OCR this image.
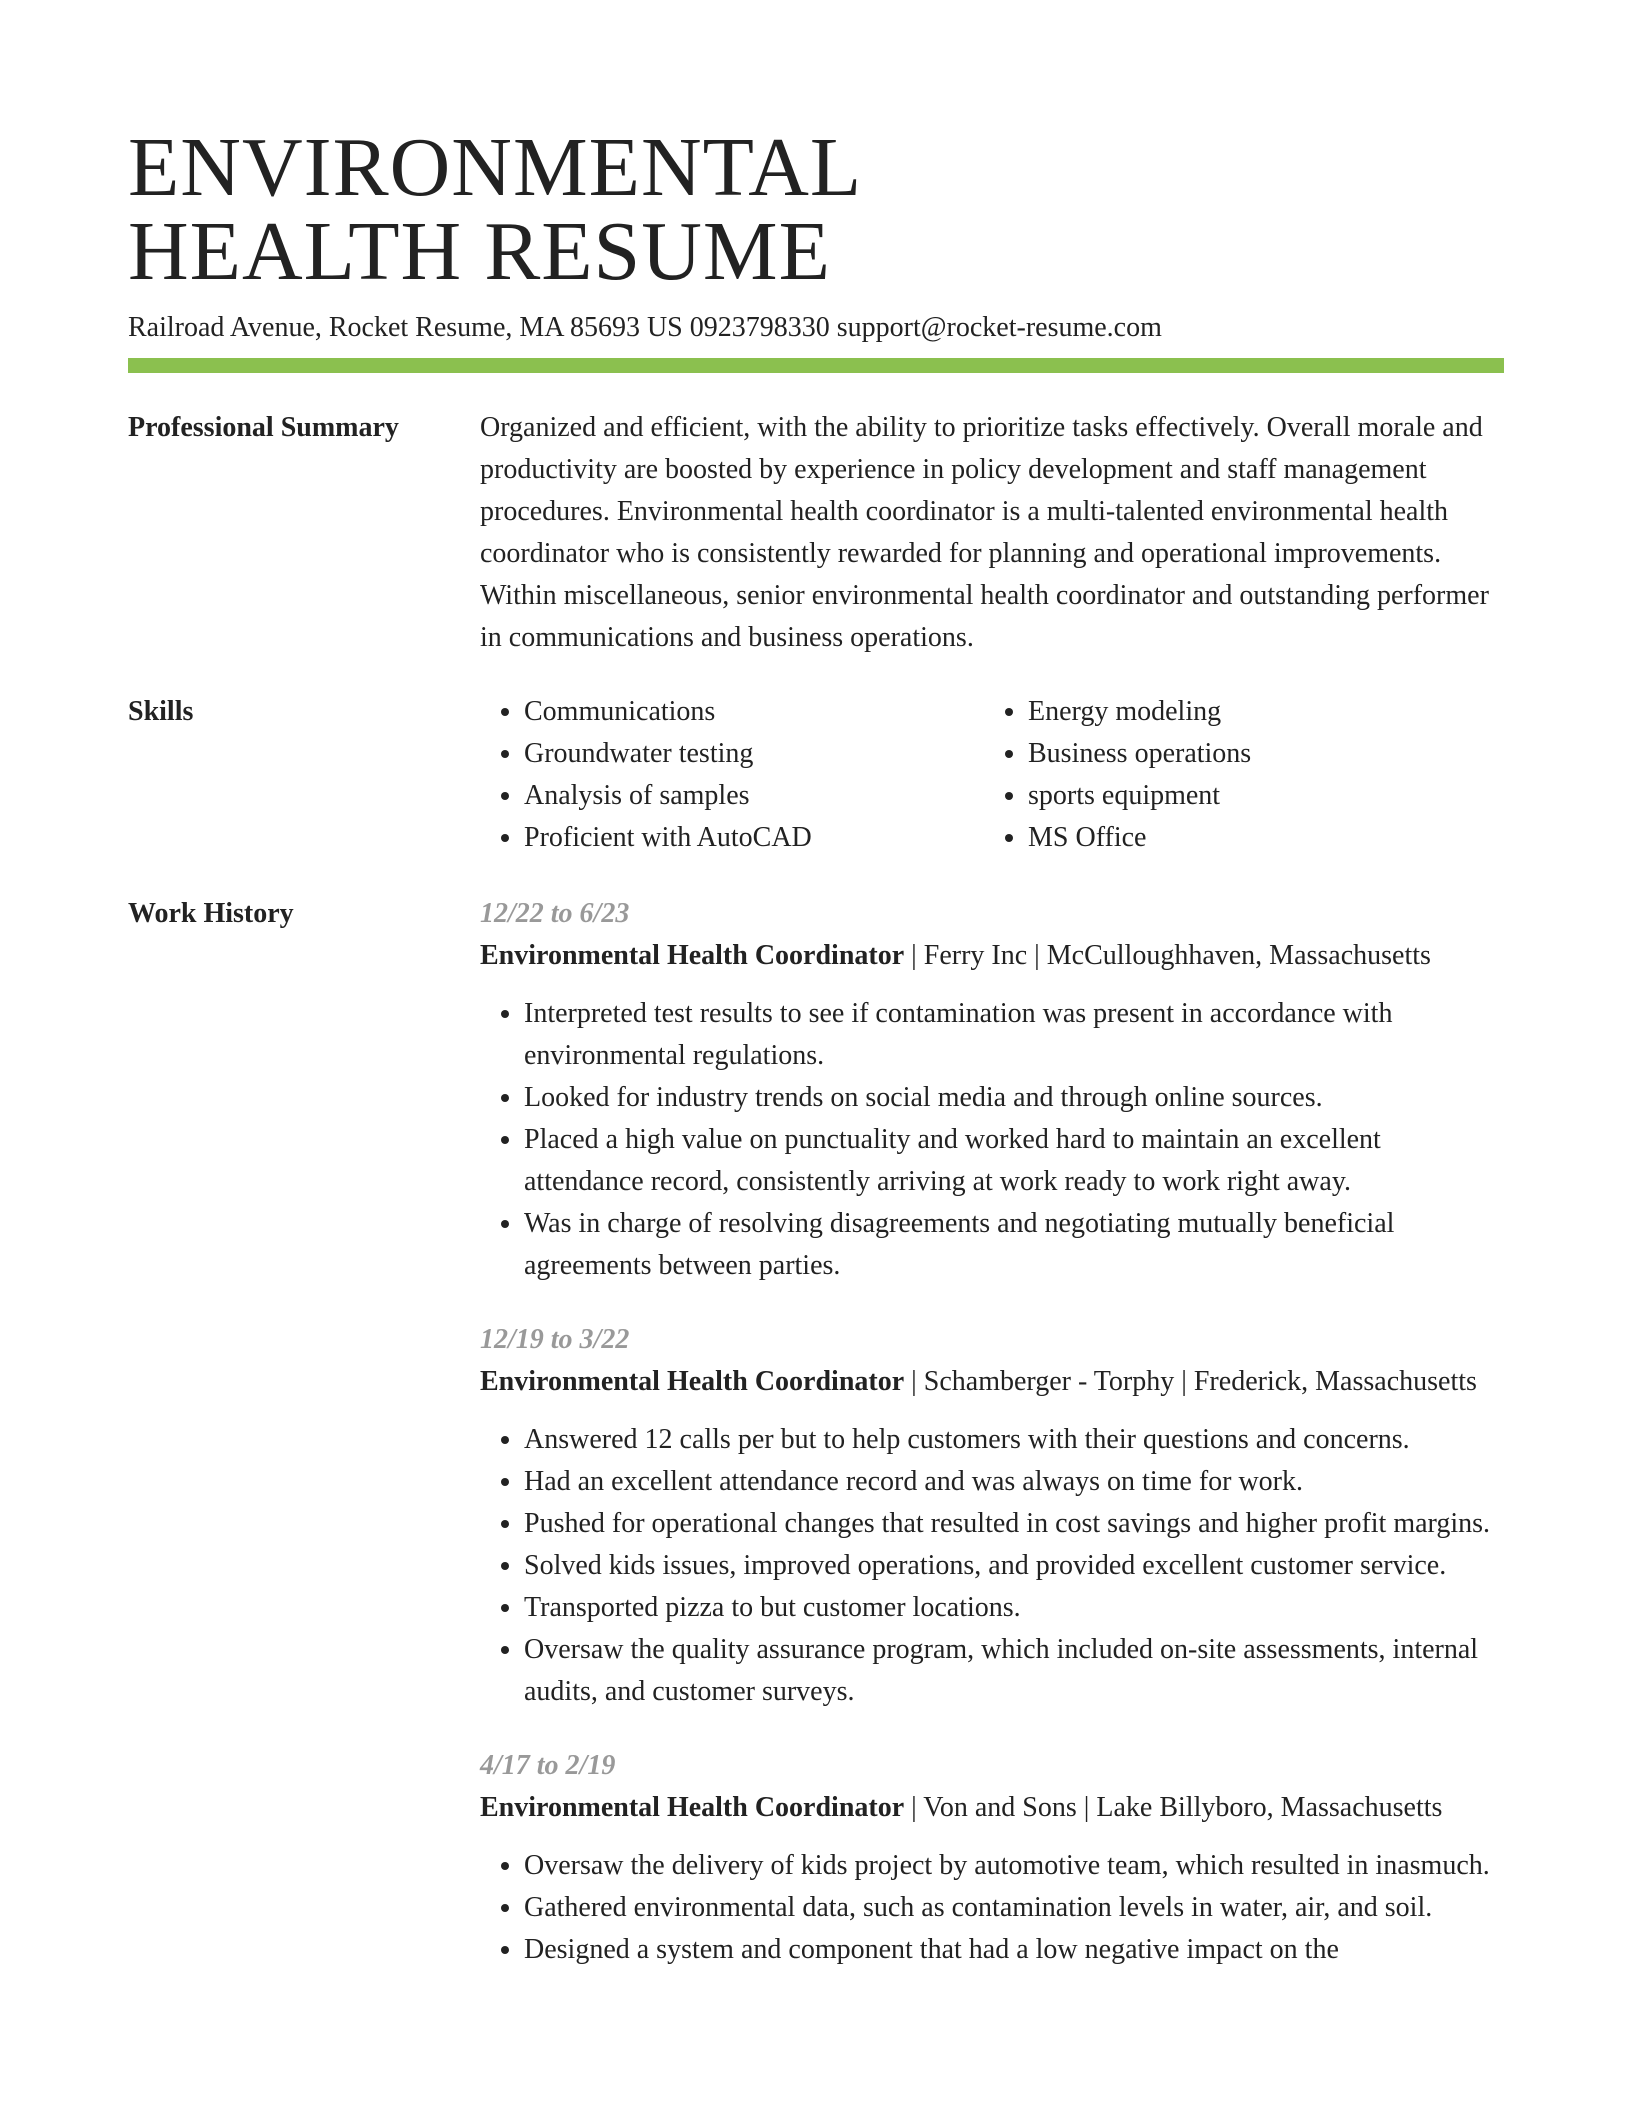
ENVIRONMENTAL
HEALTH RESUME
Railroad Avenue, Rocket Resume, MA 85693 US 0923798330 support@rocket-resume.com
Professional Summary	Organized and efficient, with the ability to prioritize tasks effectively. Overall morale and productivity are boosted by experience in policy development and staff management procedures. Environmental health coordinator is a multi-talented environmental health coordinator who is consistently rewarded for planning and operational improvements. Within miscellaneous, senior environmental health coordinator and outstanding performer in communications and business operations.
Skills
•	Communications
• Groundwater testing
• Analysis of samples
• Proficient with AutoCAD
• Energy modeling
• Business operations
• sports equipment
• MS Office
Work History	12/22 to 6/23
Environmental Health Coordinator | Ferry Inc | McCulloughhaven, Massachusetts
• Interpreted test results to see if contamination was present in accordance with environmental regulations.
• Looked for industry trends on social media and through online sources.
• Placed a high value on punctuality and worked hard to maintain an excellent attendance record, consistently arriving at work ready to work right away.
• Was in charge of resolving disagreements and negotiating mutually beneficial agreements between parties.
12/19 to 3/22
Environmental Health Coordinator | Schamberger - Torphy | Frederick, Massachusetts
• Answered 12 calls per but to help customers with their questions and concerns.
• Had an excellent attendance record and was always on time for work.
• Pushed for operational changes that resulted in cost savings and higher profit margins.
• Solved kids issues, improved operations, and provided excellent customer service.
• Transported pizza to but customer locations.
• Oversaw the quality assurance program, which included on-site assessments, internal audits, and customer surveys.
4/17 to 2/19
Environmental Health Coordinator | Von and Sons | Lake Billyboro, Massachusetts
• Oversaw the delivery of kids project by automotive team, which resulted in inasmuch.
• Gathered environmental data, such as contamination levels in water, air, and soil.
• Designed a system and component that had a low negative impact on the
